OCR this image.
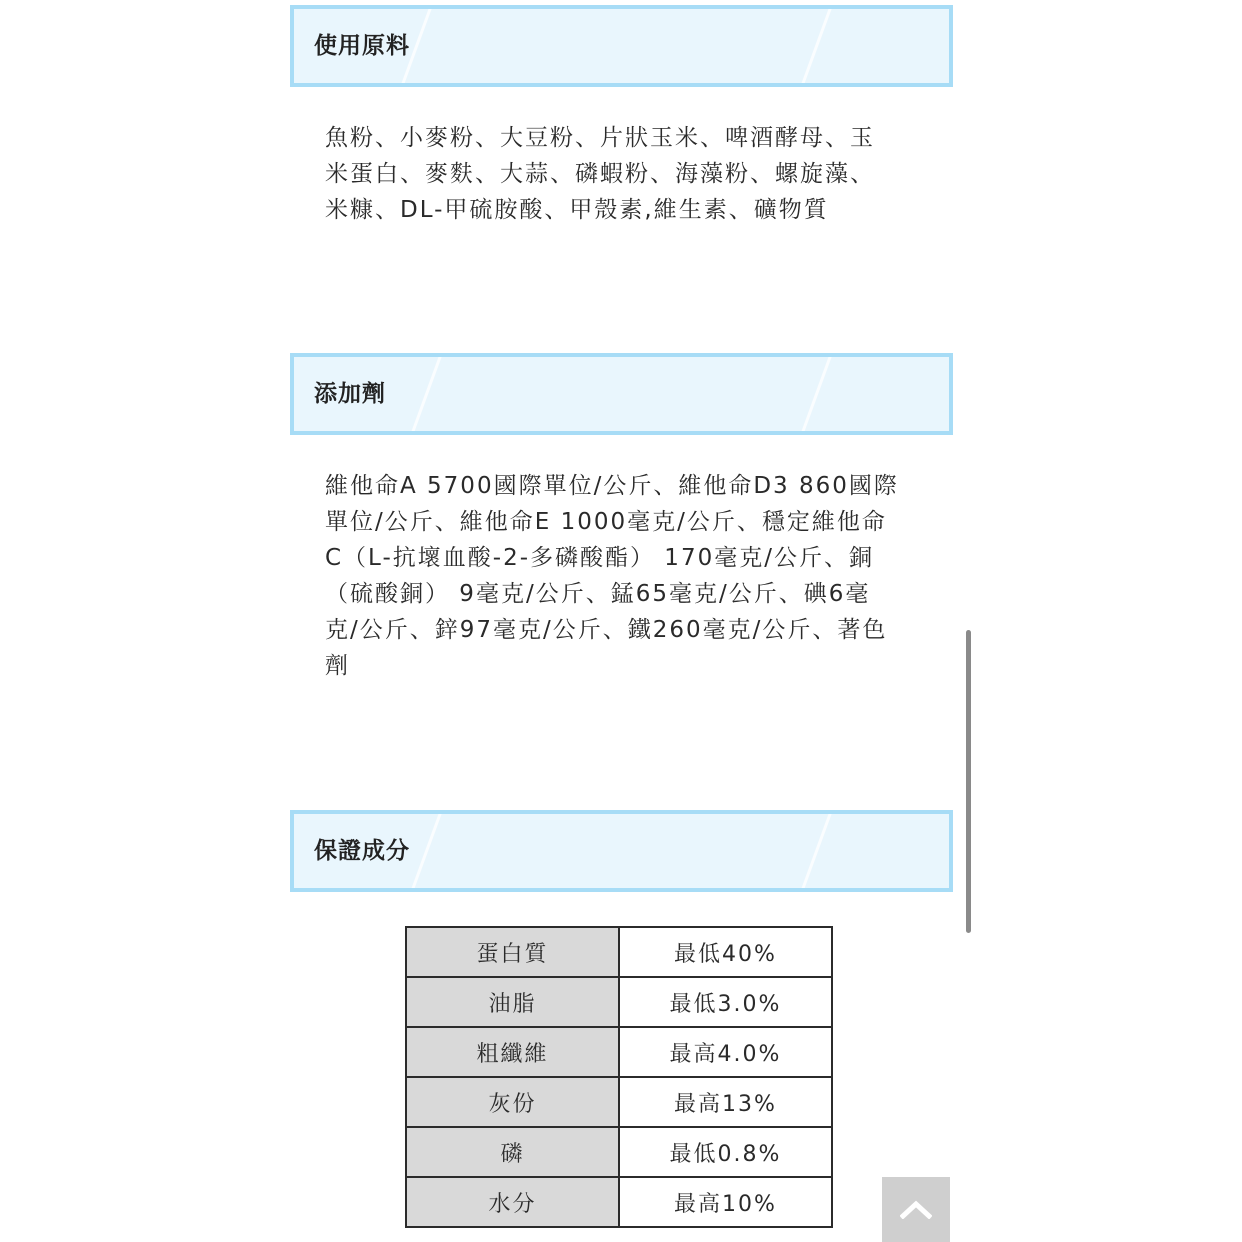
使用原料

魚粉、小麥粉、大豆粉、片狀玉米、啤酒酵母、玉

米蛋白、麥麩、大蒜、磷蝦粉、海藻粉、螺旋藻、

米糠、DL-甲硫胺酸、甲殼素,維生素、礦物質

添加劑

維他命A 5700國際單位/公斤、維他命D3 860國際

單位/公斤、維他命E 1000毫克/公斤、穩定維他命

C（L-抗壞血酸-2-多磷酸酯） 170毫克/公斤、銅

（硫酸銅） 9毫克/公斤、錳65毫克/公斤、碘6毫

克/公斤、鋅97毫克/公斤、鐵260毫克/公斤、著色

劑

保證成分
蛋白質	最低40%
油脂	最低3.0%
粗纖維	最高4.0%
灰份	最高13%
磷	最低0.8%
水分	最高10%
